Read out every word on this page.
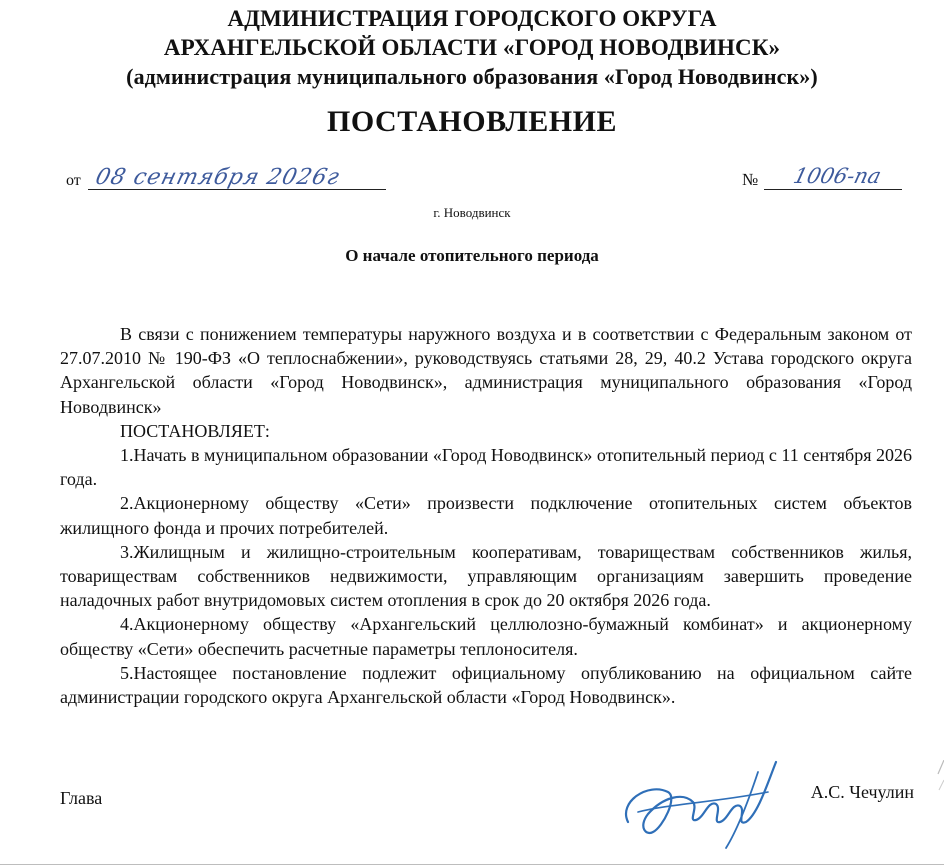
АДМИНИСТРАЦИЯ ГОРОДСКОГО ОКРУГА
АРХАНГЕЛЬСКОЙ ОБЛАСТИ «ГОРОД НОВОДВИНСК»
(администрация муниципального образования «Город Новодвинск»)
ПОСТАНОВЛЕНИЕ
от 08 сентября 2026г	№ 1006-па
г. Новодвинск
О начале отопительного периода

В связи с понижением температуры наружного воздуха и в соответствии с Федеральным законом от 27.07.2010 № 190-ФЗ «О теплоснабжении», руководствуясь статьями 28, 29, 40.2 Устава городского округа Архангельской области «Город Новодвинск», администрация муниципального образования «Город Новодвинск»

ПОСТАНОВЛЯЕТ:

1.Начать в муниципальном образовании «Город Новодвинск» отопительный период с 11 сентября 2026 года.

2.Акционерному обществу «Сети» произвести подключение отопительных систем объектов жилищного фонда и прочих потребителей.

3.Жилищным и жилищно-строительным кооперативам, товариществам собственников жилья, товариществам собственников недвижимости, управляющим организациям завершить проведение наладочных работ внутридомовых систем отопления в срок до 20 октября 2026 года.

4.Акционерному обществу «Архангельский целлюлозно-бумажный комбинат» и акционерному обществу «Сети» обеспечить расчетные параметры теплоносителя.

5.Настоящее постановление подлежит официальному опубликованию на официальном сайте администрации городского округа Архангельской области «Город Новодвинск».

Глава	А.С. Чечулин
